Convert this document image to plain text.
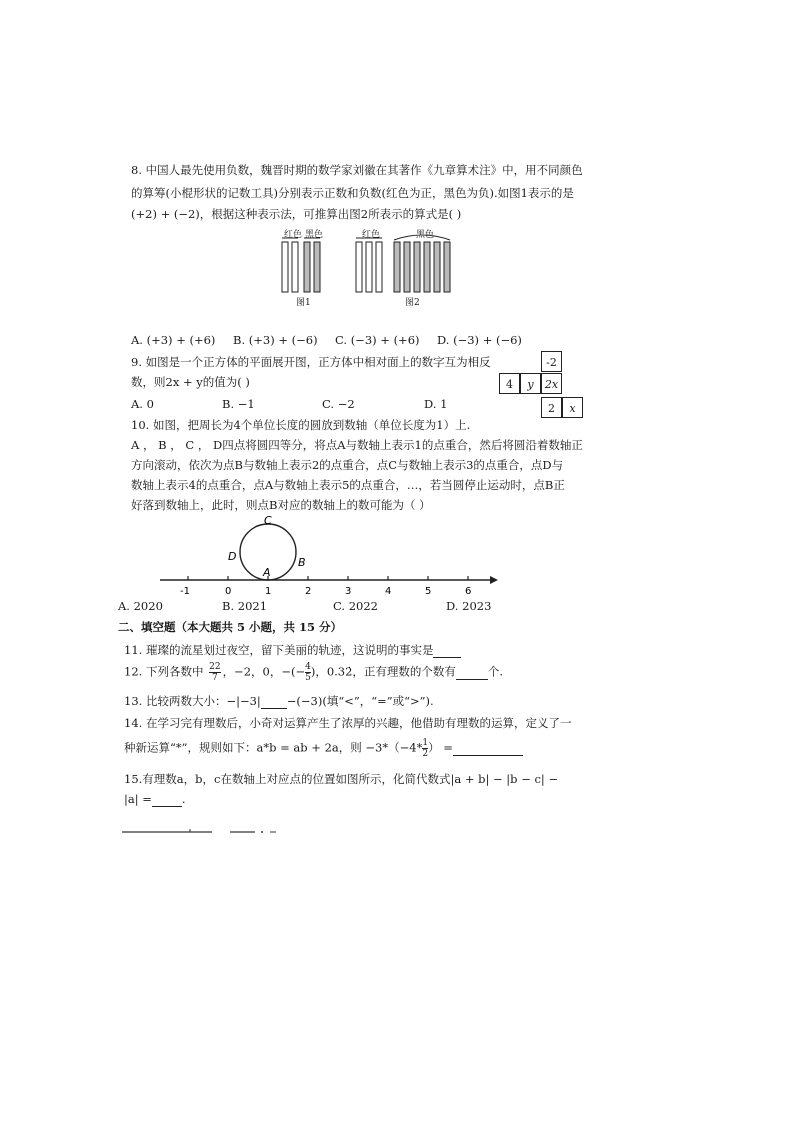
8. 中国人最先使用负数，魏晋时期的数学家刘徽在其著作《九章算术注》中，用不同颜色
的算筹(小棍形状的记数工具)分别表示正数和负数(红色为正，黑色为负).如图1表示的是
(+2) + (−2)，根据这种表示法，可推算出图2所表示的算式是( )
红色 黑色	红色	黑色
图1	图2
A. (+3) + (+6) B. (+3) + (−6) C. (−3) + (+6) D. (−3) + (−6)
9. 如图是一个正方体的平面展开图，正方体中相对面上的数字互为相反
数，则2x + y的值为( )
-2
4	y	2x
2	x
A. 0	B. −1	C. −2	D. 1
10. 如图，把周长为4个单位长度的圆放到数轴（单位长度为1）上.
A ， B ， C ， D四点将圆四等分，将点A与数轴上表示1的点重合，然后将圆沿着数轴正
方向滚动，依次为点B与数轴上表示2的点重合，点C与数轴上表示3的点重合，点D与
数轴上表示4的点重合，点A与数轴上表示5的点重合，…，若当圆停止运动时，点B正
好落到数轴上，此时，则点B对应的数轴上的数可能为（ ）
C
D	B
A
-1	0	1	2	3	4	5	6
A. 2020	B. 2021	C. 2022	D. 2023
二、填空题（本大题共 5 小题，共 15 分）
11. 璀璨的流星划过夜空，留下美丽的轨迹，这说明的事实是
12. 下列各数中 $\frac{22}{7}$ ，−2，0，−(− $\frac{4}{5}$ )，0.32̇，正有理数的个数有	个.
13. 比较两数大小：−|−3| −(−3)(填“<”，“=”或“>”).
14. 在学习完有理数后，小奇对运算产生了浓厚的兴趣，他借助有理数的运算，定义了一
种新运算“*”，规则如下：a*b = ab + 2a，则 $-3*(-4* \frac{1}{2}$ ） =
15.有理数a，b，c在数轴上对应点的位置如图所示，化简代数式|a + b| − |b − c| −
|a| =	.
